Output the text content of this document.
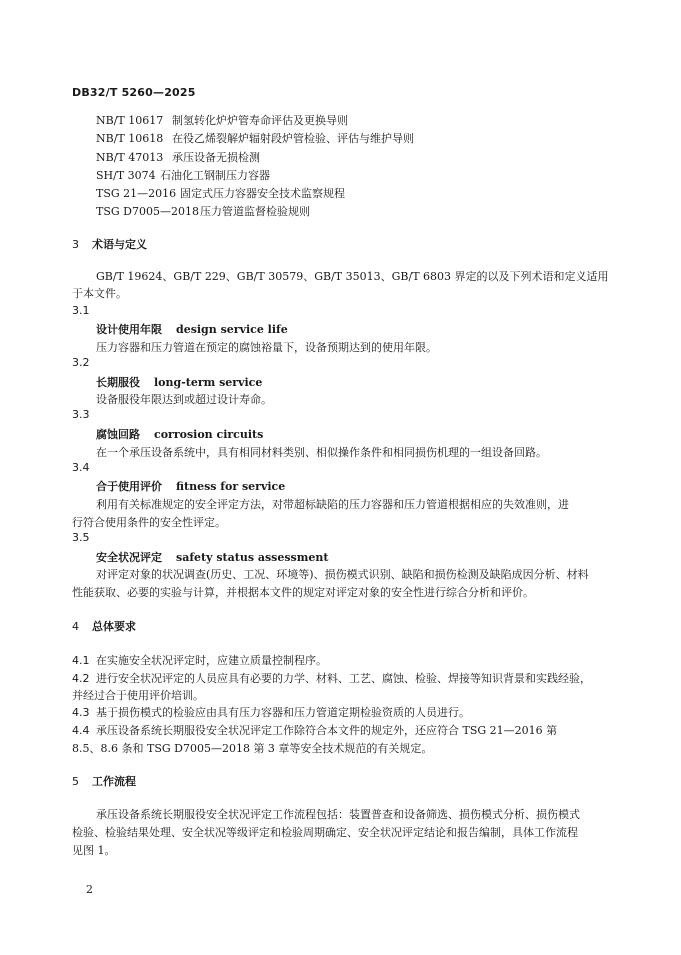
DB32/T 5260—2025
NB/T 10617 制氢转化炉炉管寿命评估及更换导则
NB/T 10618 在役乙烯裂解炉辐射段炉管检验、评估与维护导则
NB/T 47013 承压设备无损检测
SH/T 3074 石油化工钢制压力容器
TSG 21—2016 固定式压力容器安全技术监察规程
TSG D7005—2018压力管道监督检验规则
3 术语与定义
GB/T 19624、GB/T 229、GB/T 30579、GB/T 35013、GB/T 6803 界定的以及下列术语和定义适用
于本文件。
3.1
设计使用年限 design service life
压力容器和压力管道在预定的腐蚀裕量下，设备预期达到的使用年限。
3.2
长期服役 long-term service
设备服役年限达到或超过设计寿命。
3.3
腐蚀回路 corrosion circuits
在一个承压设备系统中，具有相同材料类别、相似操作条件和相同损伤机理的一组设备回路。
3.4
合于使用评价 fitness for service
利用有关标准规定的安全评定方法，对带超标缺陷的压力容器和压力管道根据相应的失效准则，进
行符合使用条件的安全性评定。
3.5
安全状况评定 safety status assessment
对评定对象的状况调查(历史、工况、环境等)、损伤模式识别、缺陷和损伤检测及缺陷成因分析、材料
性能获取、必要的实验与计算，并根据本文件的规定对评定对象的安全性进行综合分析和评价。
4 总体要求
4.1 在实施安全状况评定时，应建立质量控制程序。
4.2 进行安全状况评定的人员应具有必要的力学、材料、工艺、腐蚀、检验、焊接等知识背景和实践经验，
并经过合于使用评价培训。
4.3 基于损伤模式的检验应由具有压力容器和压力管道定期检验资质的人员进行。
4.4 承压设备系统长期服役安全状况评定工作除符合本文件的规定外，还应符合 TSG 21—2016 第
8.5、8.6 条和 TSG D7005—2018 第 3 章等安全技术规范的有关规定。
5 工作流程
承压设备系统长期服役安全状况评定工作流程包括：装置普查和设备筛选、损伤模式分析、损伤模式
检验、检验结果处理、安全状况等级评定和检验周期确定、安全状况评定结论和报告编制，具体工作流程
见图 1。
2
